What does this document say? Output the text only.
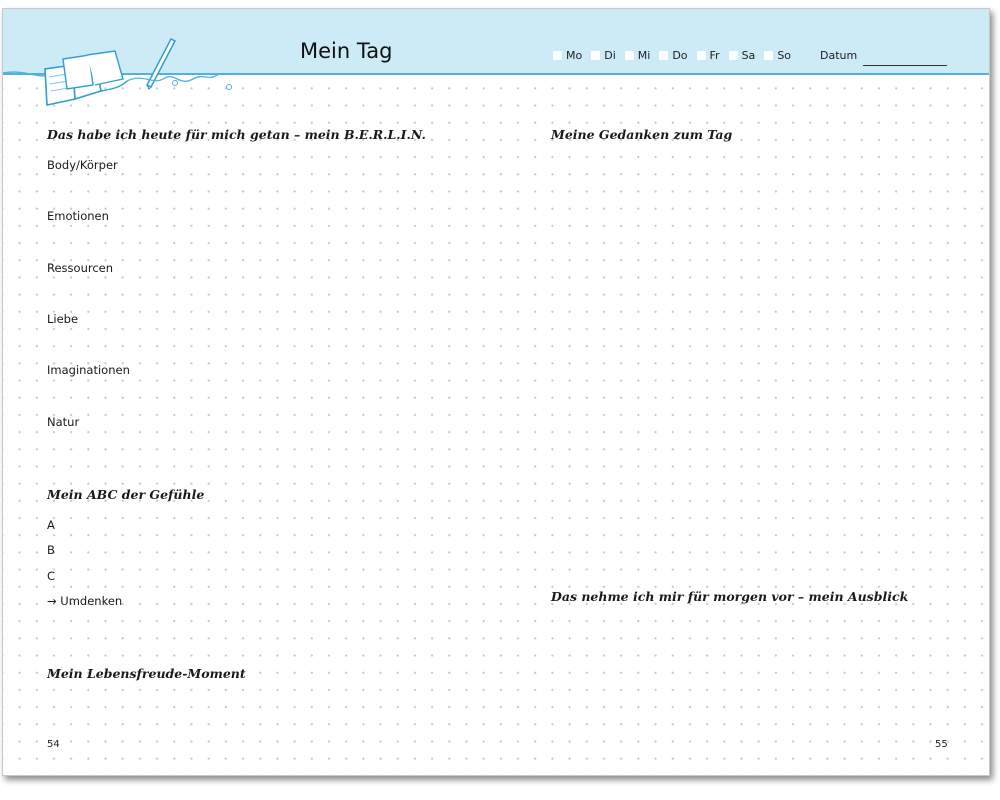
Mein Tag	Mo Di Mi Do Fr Sa So	Datum
Das habe ich heute für mich getan – mein B.E.R.L.I.N.
Body/Körper
Emotionen
Ressourcen
Liebe
Imaginationen
Natur
Mein ABC der Gefühle
A
B
C
→ Umdenken
Mein Lebensfreude-Moment
54
Meine Gedanken zum Tag
Das nehme ich mir für morgen vor – mein Ausblick
55
